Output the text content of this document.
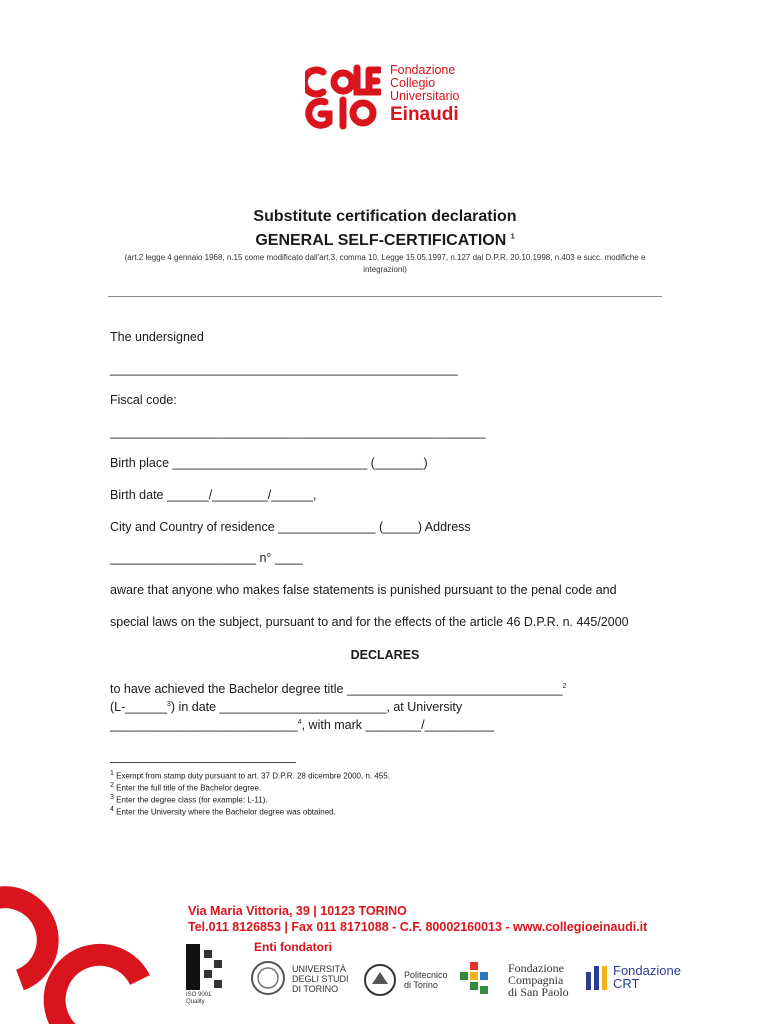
Fondazione
Collegio
Universitario
Einaudi
Substitute certification declaration
GENERAL SELF-CERTIFICATION $^1$
(art.2 legge 4 gennaio 1968, n.15 come modificato dall'art.3, comma 10, Legge 15.05.1997, n.127 dal D.P.R. 20.10.1998, n.403 e succ. modifiche e integrazioni)
The undersigned
__________________________________________________
Fiscal code:
______________________________________________________
Birth place ____________________________ (_______)
Birth date ______/________/______,
City and Country of residence ______________ (_____) Address
_____________________ n° ____
aware that anyone who makes false statements is punished pursuant to the penal code and
special laws on the subject, pursuant to and for the effects of the article 46 D.P.R. n. 445/2000
DECLARES
to have achieved the Bachelor degree title _______________________________$^2$
(L-______$^3$) in date ________________________, at University
___________________________$^4$, with mark ________/__________
$^1$ Exempt from stamp duty pursuant to art. 37 D.P.R. 28 dicembre 2000, n. 455.
$^2$ Enter the full title of the Bachelor degree.
$^3$ Enter the degree class (for example: L-11).
$^4$ Enter the University where the Bachelor degree was obtained.
Via Maria Vittoria, 39 | 10123 TORINO
Tel.011 8126853 | Fax 011 8171088 - C.F. 80002160013 - www.collegioeinaudi.it
Enti fondatori
ISO 9001 Quality
UNIVERSITÀ
DEGLI STUDI
DI TORINO
Politecnico
di Torino
Fondazione
Compagnia
di San Paolo
Fondazione
CRT
